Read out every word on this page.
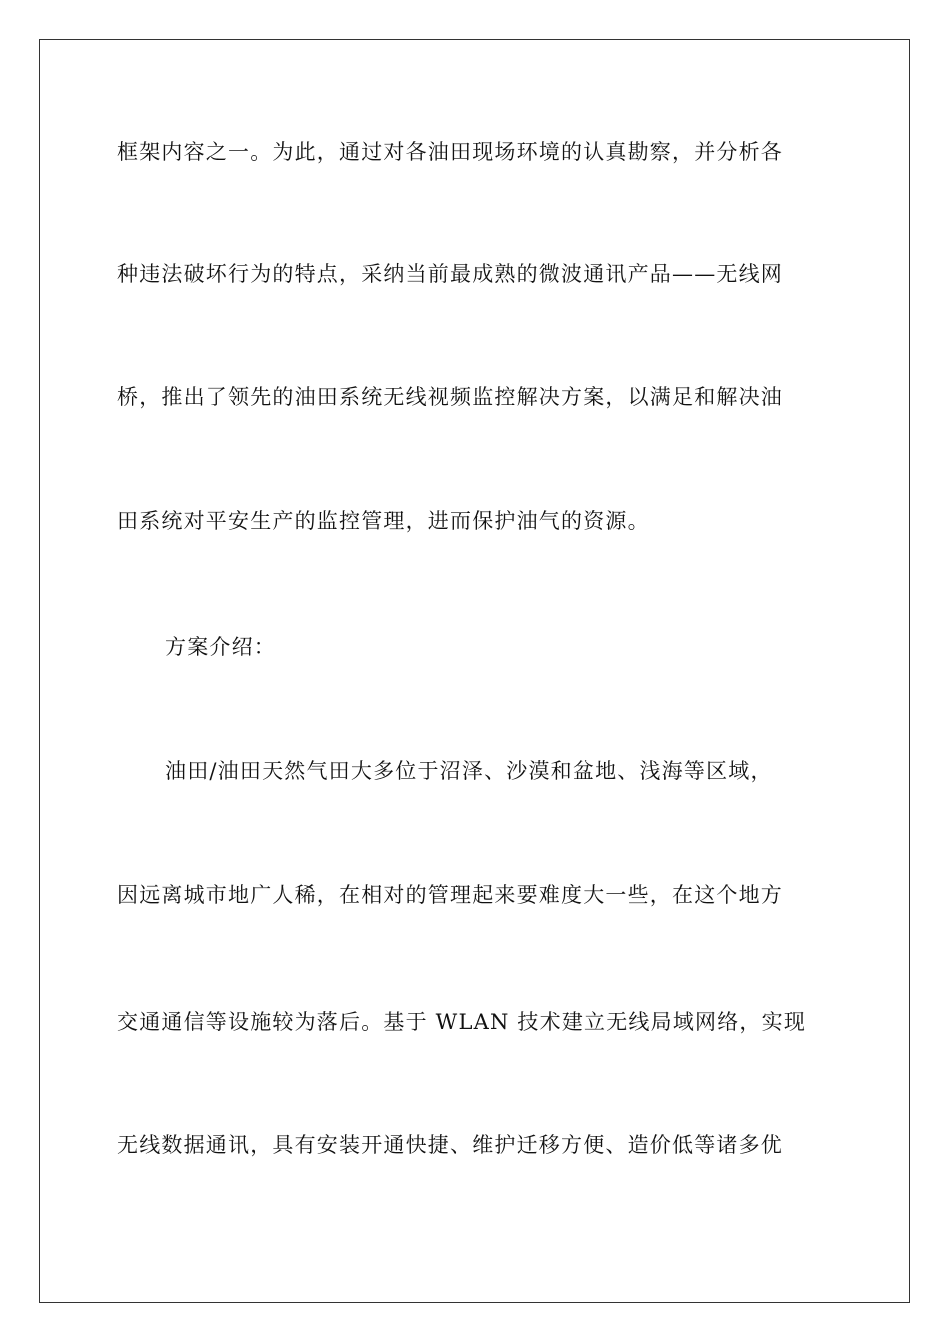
框架内容之一。为此，通过对各油田现场环境的认真勘察，并分析各
种违法破坏行为的特点，采纳当前最成熟的微波通讯产品——无线网
桥，推出了领先的油田系统无线视频监控解决方案，以满足和解决油
田系统对平安生产的监控管理，进而保护油气的资源。
方案介绍：
油田/油田天然气田大多位于沼泽、沙漠和盆地、浅海等区域，
因远离城市地广人稀，在相对的管理起来要难度大一些，在这个地方
交通通信等设施较为落后。基于 WLAN 技术建立无线局域网络，实现
无线数据通讯，具有安装开通快捷、维护迁移方便、造价低等诸多优
